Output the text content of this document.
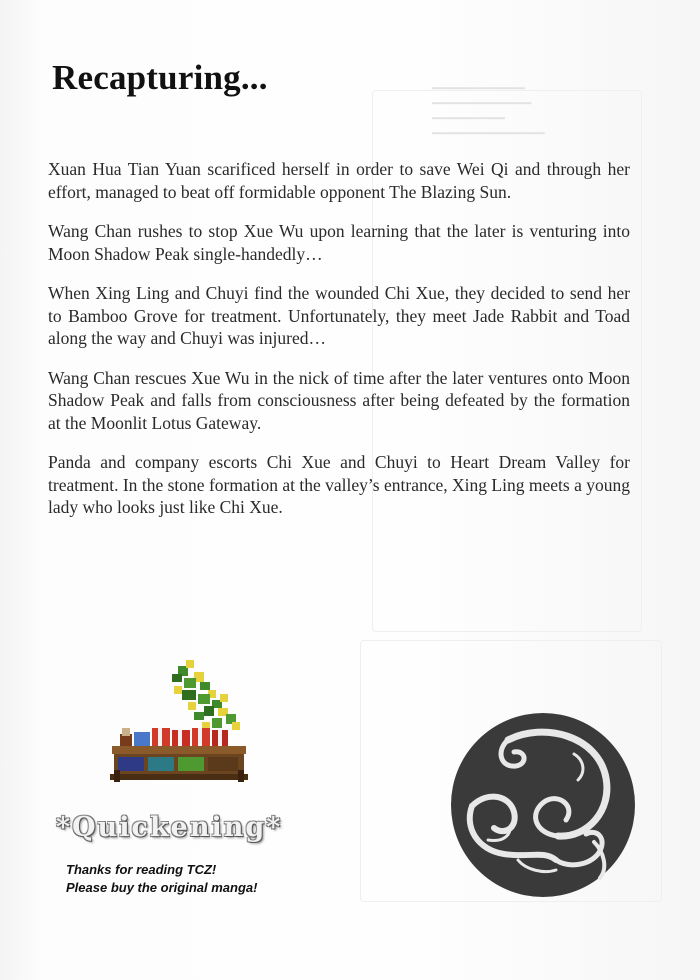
━━━━━━━━━━━━━━
━━━━━━━━━━━━━━━
━━━━━━━━━━━
━━━━━━━━━━━━━━━━━
Recapturing...

Xuan Hua Tian Yuan scarificed herself in order to save Wei Qi and through her effort, managed to beat off formidable opponent The Blazing Sun.

Wang Chan rushes to stop Xue Wu upon learning that the later is venturing into Moon Shadow Peak single-handedly…

When Xing Ling and Chuyi find the wounded Chi Xue, they decided to send her to Bamboo Grove for treatment. Unfortunately, they meet Jade Rabbit and Toad along the way and Chuyi was injured…

Wang Chan rescues Xue Wu in the nick of time after the later ventures onto Moon Shadow Peak and falls from consciousness after being defeated by the formation at the Moonlit Lotus Gateway.

Panda and company escorts Chi Xue and Chuyi to Heart Dream Valley for treatment. In the stone formation at the valley’s entrance, Xing Ling meets a young lady who looks just like Chi Xue.

*Quickening*
Thanks for reading TCZ!
Please buy the original manga!
